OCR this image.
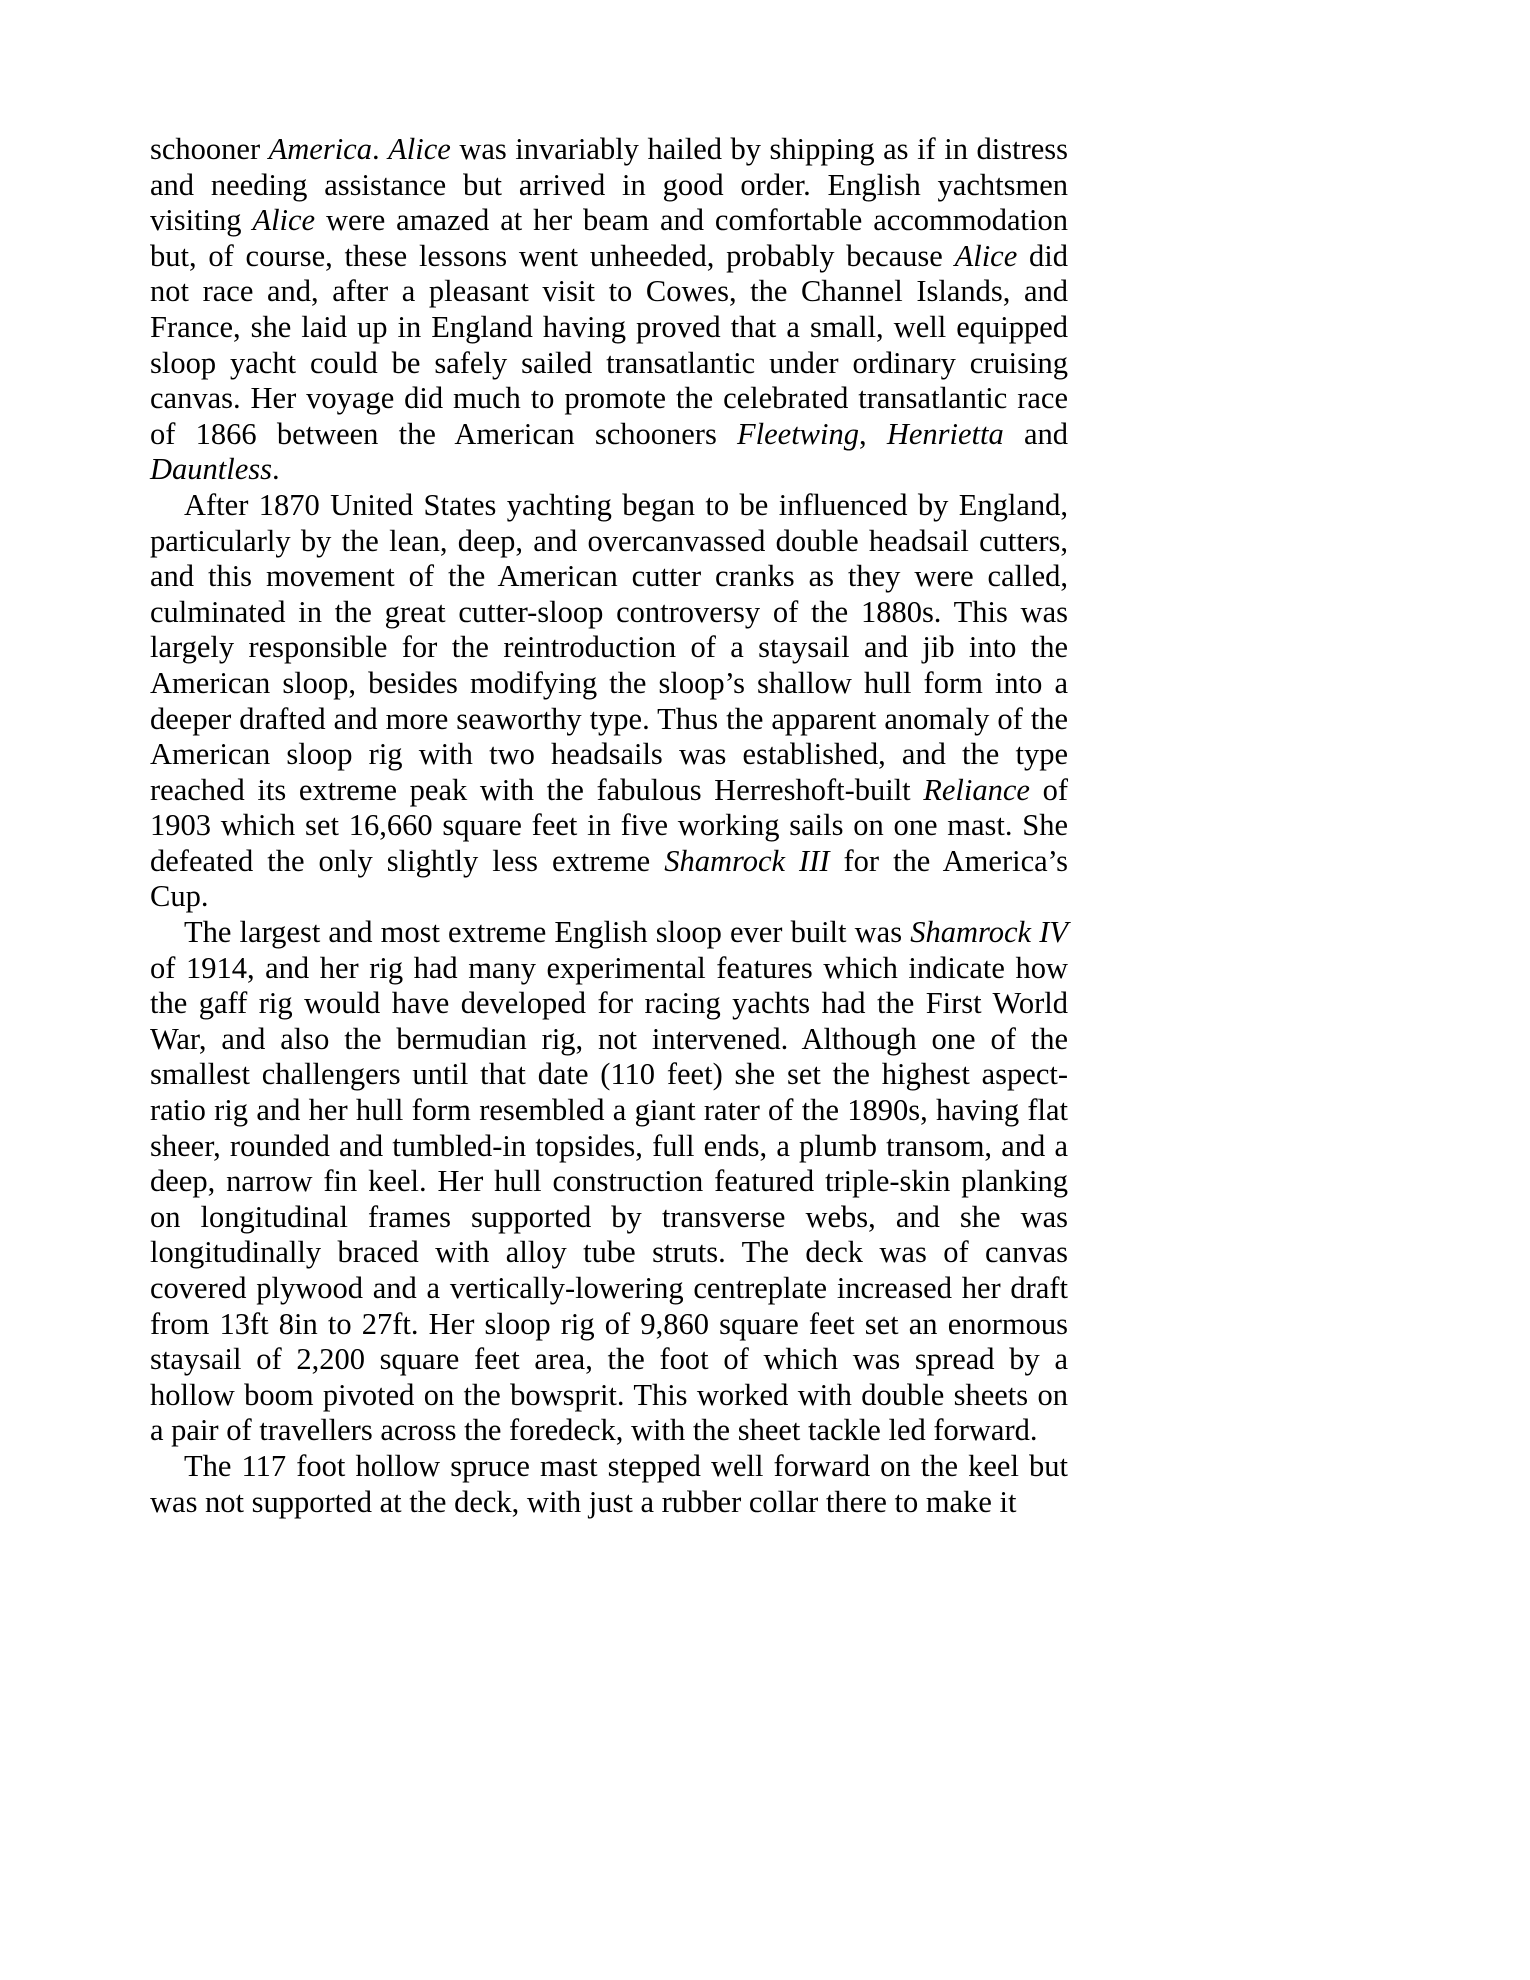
schooner America. Alice was invariably hailed by shipping as if in distress and needing assistance but arrived in good order. English yachtsmen visiting Alice were amazed at her beam and comfortable accommodation but, of course, these lessons went unheeded, probably because Alice did not race and, after a pleasant visit to Cowes, the Channel Islands, and France, she laid up in England having proved that a small, well equipped sloop yacht could be safely sailed transatlantic under ordinary cruising canvas. Her voyage did much to promote the celebrated transatlantic race of 1866 between the American schooners Fleetwing, Henrietta and Dauntless.

After 1870 United States yachting began to be influenced by England, particularly by the lean, deep, and overcanvassed double headsail cutters, and this movement of the American cutter cranks as they were called, culminated in the great cutter-sloop controversy of the 1880s. This was largely responsible for the reintroduction of a staysail and jib into the American sloop, besides modifying the sloop’s shallow hull form into a deeper drafted and more seaworthy type. Thus the apparent anomaly of the American sloop rig with two headsails was established, and the type reached its extreme peak with the fabulous Herreshoft-built Reliance of 1903 which set 16,660 square feet in five working sails on one mast. She defeated the only slightly less extreme Shamrock III for the America’s Cup.

The largest and most extreme English sloop ever built was Shamrock IV of 1914, and her rig had many experimental features which indicate how the gaff rig would have developed for racing yachts had the First World War, and also the bermudian rig, not intervened. Although one of the smallest challengers until that date (110 feet) she set the highest aspect-ratio rig and her hull form resembled a giant rater of the 1890s, having flat sheer, rounded and tumbled-in topsides, full ends, a plumb transom, and a deep, narrow fin keel. Her hull construction featured triple-skin planking on longitudinal frames supported by transverse webs, and she was longitudinally braced with alloy tube struts. The deck was of canvas covered plywood and a vertically-lowering centreplate increased her draft from 13ft 8in to 27ft. Her sloop rig of 9,860 square feet set an enormous staysail of 2,200 square feet area, the foot of which was spread by a hollow boom pivoted on the bowsprit. This worked with double sheets on a pair of travellers across the foredeck, with the sheet tackle led forward.

The 117 foot hollow spruce mast stepped well forward on the keel but was not supported at the deck, with just a rubber collar there to make it
